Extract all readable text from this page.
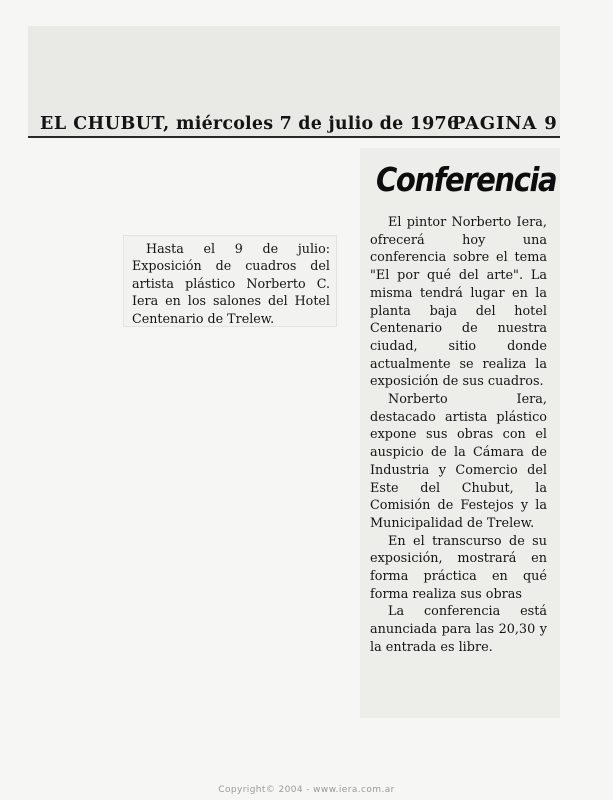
EL CHUBUT, miércoles 7 de julio de 1976
PAGINA 9

Hasta el 9 de julio: Exposición de cuadros del artista plástico Norberto C. Iera en los salones del Hotel Centenario de Trelew.

Conferencia

El pintor Norberto Iera, ofrecerá hoy una conferencia sobre el tema "El por qué del arte". La misma tendrá lugar en la planta baja del hotel Centenario de nuestra ciudad, sitio donde actualmente se realiza la exposición de sus cuadros.

Norberto Iera, destacado artista plástico expone sus obras con el auspicio de la Cámara de Industria y Comercio del Este del Chubut, la Comisión de Festejos y la Municipalidad de Trelew.

En el transcurso de su exposición, mostrará en forma práctica en qué forma realiza sus obras

La conferencia está anunciada para las 20,30 y la entrada es libre.

Copyright© 2004 - www.iera.com.ar
